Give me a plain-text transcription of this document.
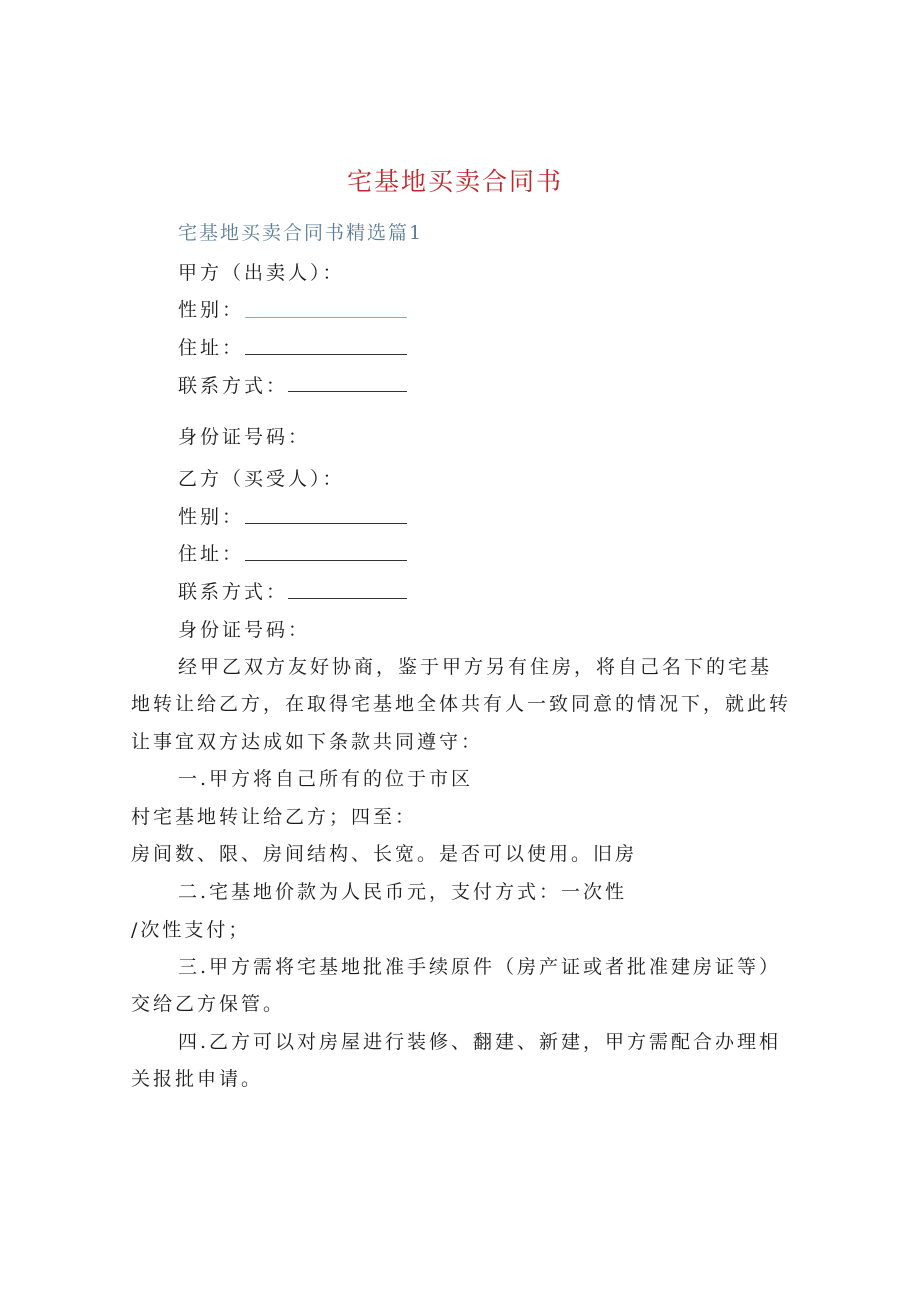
宅基地买卖合同书
宅基地买卖合同书精选篇1
甲方（出卖人）：
性别：
住址：
联系方式：
身份证号码：
乙方（买受人）：
性别：
住址：
联系方式：
身份证号码：
经甲乙双方友好协商，鉴于甲方另有住房，将自己名下的宅基
地转让给乙方，在取得宅基地全体共有人一致同意的情况下，就此转
让事宜双方达成如下条款共同遵守：
一.甲方将自己所有的位于市区
村宅基地转让给乙方；四至：
房间数、限、房间结构、长宽。是否可以使用。旧房
二.宅基地价款为人民币元，支付方式：一次性
/次性支付；
三.甲方需将宅基地批准手续原件（房产证或者批准建房证等）
交给乙方保管。
四.乙方可以对房屋进行装修、翻建、新建，甲方需配合办理相
关报批申请。
